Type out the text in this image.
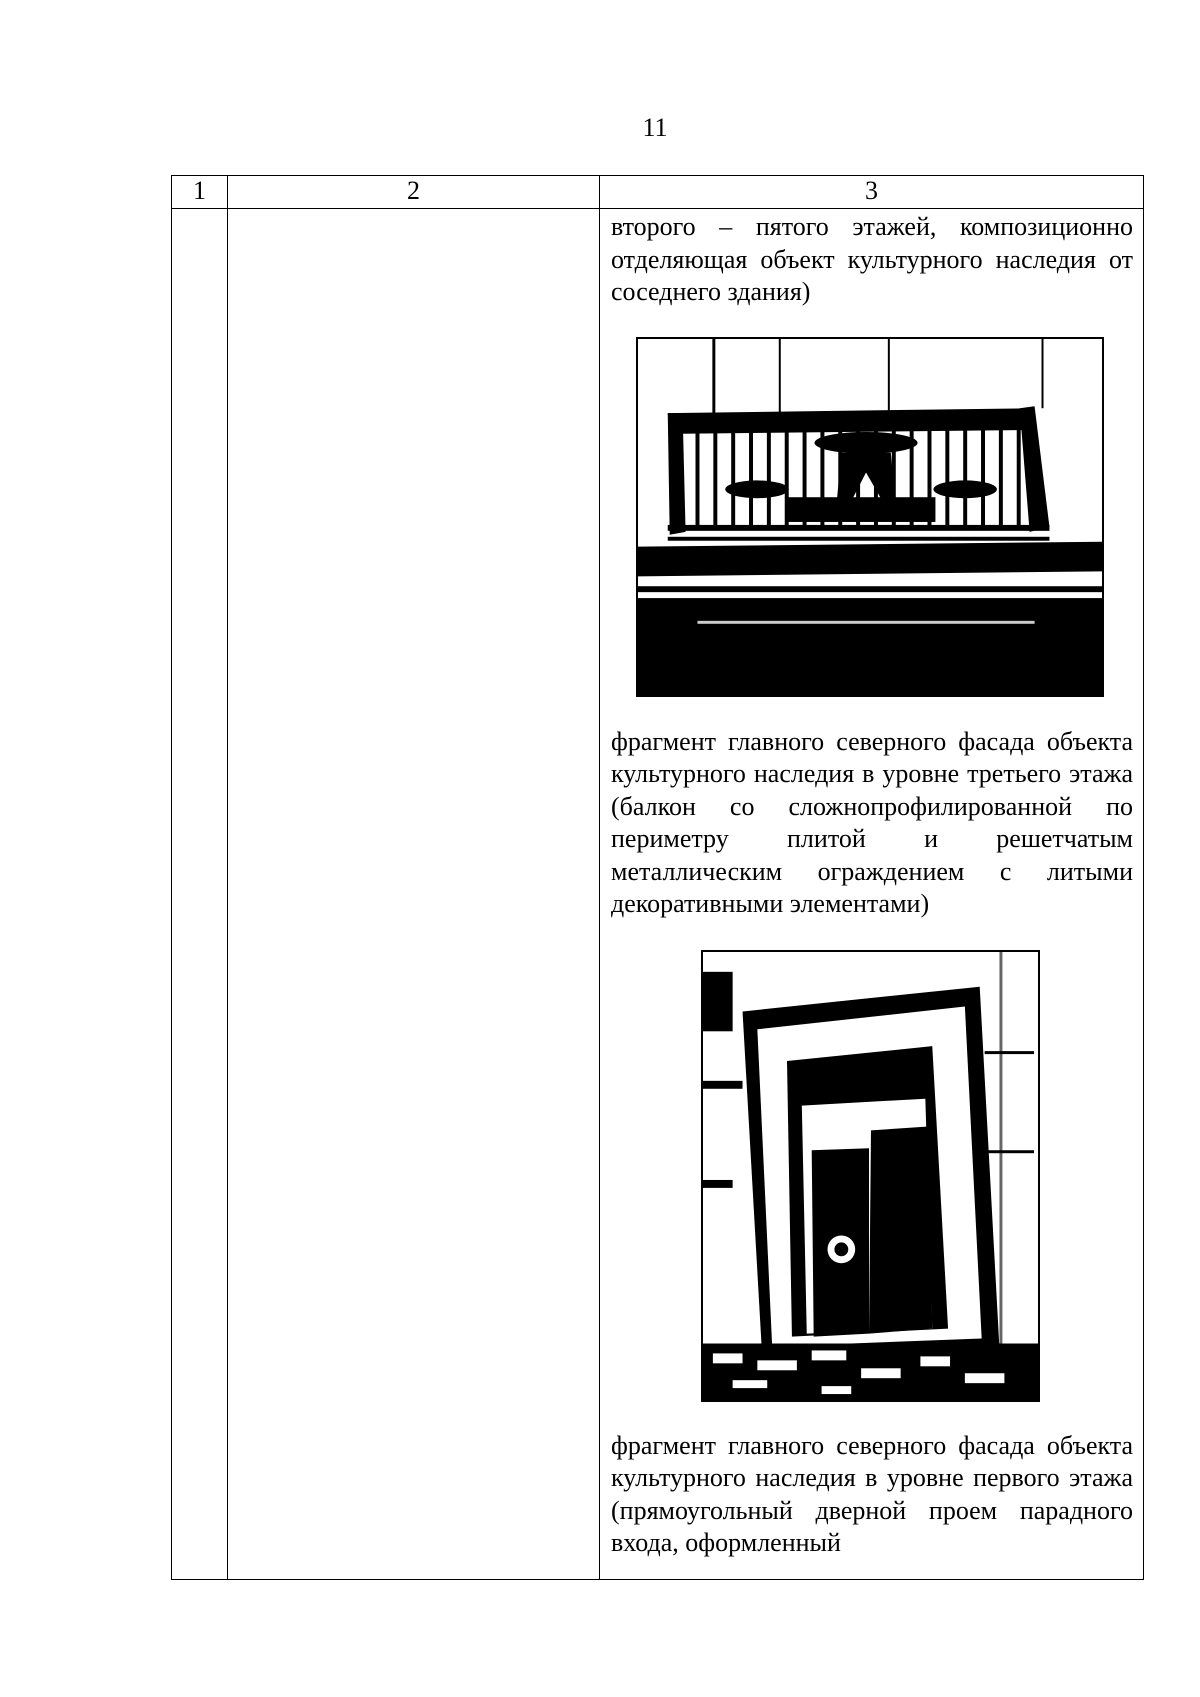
11
1	2	3

		второго – пятого этажей, композиционно отделяющая объект культурного наследия от соседнего здания)

фрагмент главного северного фасада объекта культурного наследия в уровне третьего этажа (балкон со сложнопрофилированной по периметру плитой и решетчатым металлическим ограждением с литыми декоративными элементами)

фрагмент главного северного фасада объекта культурного наследия в уровне первого этажа (прямоугольный дверной проем парадного входа, оформленный
